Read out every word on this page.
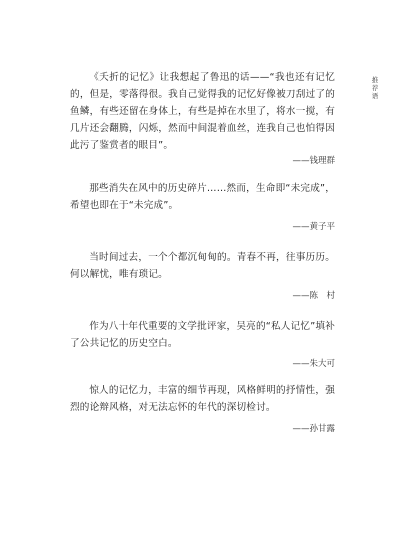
推荐语

《夭折的记忆》让我想起了鲁迅的话——“我也还有记忆的，但是，零落得很。我自己觉得我的记忆好像被刀刮过了的鱼鳞，有些还留在身体上，有些是掉在水里了，将水一搅，有几片还会翻腾，闪烁，然而中间混着血丝，连我自己也怕得因此污了鉴赏者的眼目”。

——钱理群

那些消失在风中的历史碎片……然而，生命即“未完成”，希望也即在于“未完成”。

——黄子平

当时间过去，一个个都沉甸甸的。青春不再，往事历历。何以解忧，唯有琐记。

——陈　村

作为八十年代重要的文学批评家，吴亮的“私人记忆”填补了公共记忆的历史空白。

——朱大可

惊人的记忆力，丰富的细节再现，风格鲜明的抒情性，强烈的论辩风格，对无法忘怀的年代的深切检讨。

——孙甘露
